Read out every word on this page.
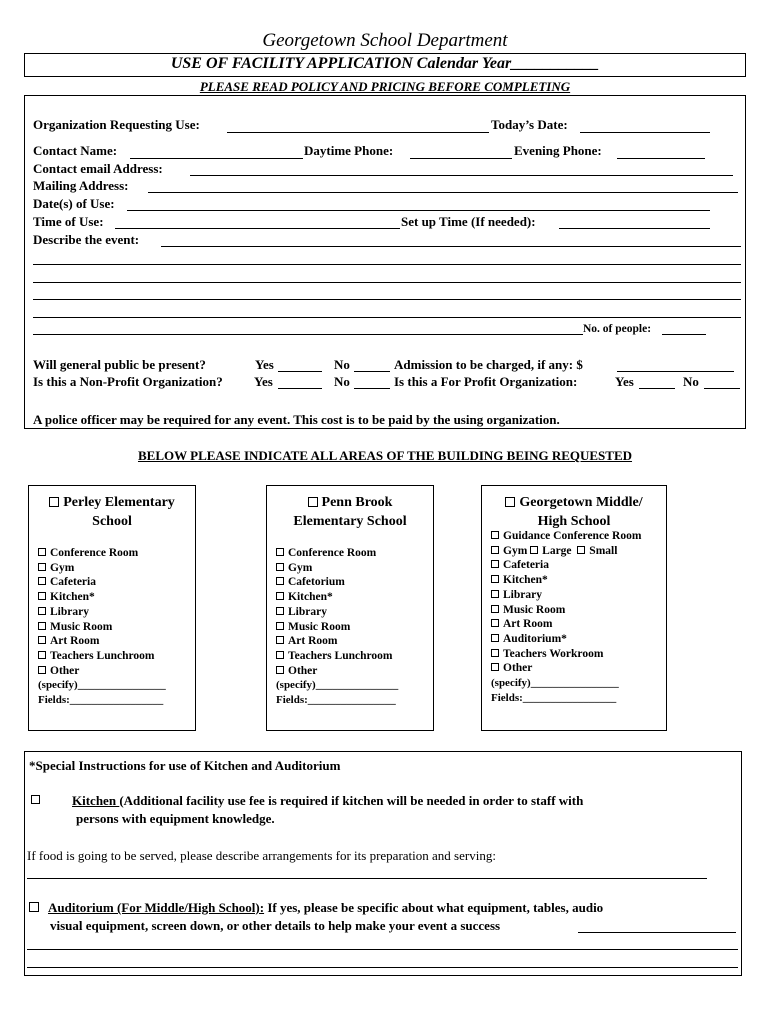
Georgetown School Department
USE OF FACILITY APPLICATION Calendar Year___________
PLEASE READ POLICY AND PRICING BEFORE COMPLETING
Organization Requesting Use:	Today’s Date:
Contact Name:	Daytime Phone:	Evening Phone:
Contact email Address:
Mailing Address:
Date(s) of Use:
Time of Use:	Set up Time (If needed):
Describe the event:
No. of people:
Will general public be present?	Yes	No	Admission to be charged, if any: $
Is this a Non-Profit Organization? Yes	No	Is this a For Profit Organization:	Yes	No
A police officer may be required for any event. This cost is to be paid by the using organization.
BELOW PLEASE INDICATE ALL AREAS OF THE BUILDING BEING REQUESTED
Perley Elementary
School
Conference Room
Gym
Cafeteria
Kitchen*
Library
Music Room
Art Room
Teachers Lunchroom
Other
(specify)________________
Fields:_________________
Penn Brook
Elementary School
Conference Room
Gym
Cafetorium
Kitchen*
Library
Music Room
Art Room
Teachers Lunchroom
Other
(specify)_______________
Fields:________________
Georgetown Middle/
High School
Guidance Conference Room
Gym Large Small
Cafeteria
Kitchen*
Library
Music Room
Art Room
Auditorium*
Teachers Workroom
Other
(specify)________________
Fields:_________________
*Special Instructions for use of Kitchen and Auditorium
Kitchen (Additional facility use fee is required if kitchen will be needed in order to staff with
persons with equipment knowledge.
If food is going to be served, please describe arrangements for its preparation and serving:
Auditorium (For Middle/High School): If yes, please be specific about what equipment, tables, audio
visual equipment, screen down, or other details to help make your event a success
